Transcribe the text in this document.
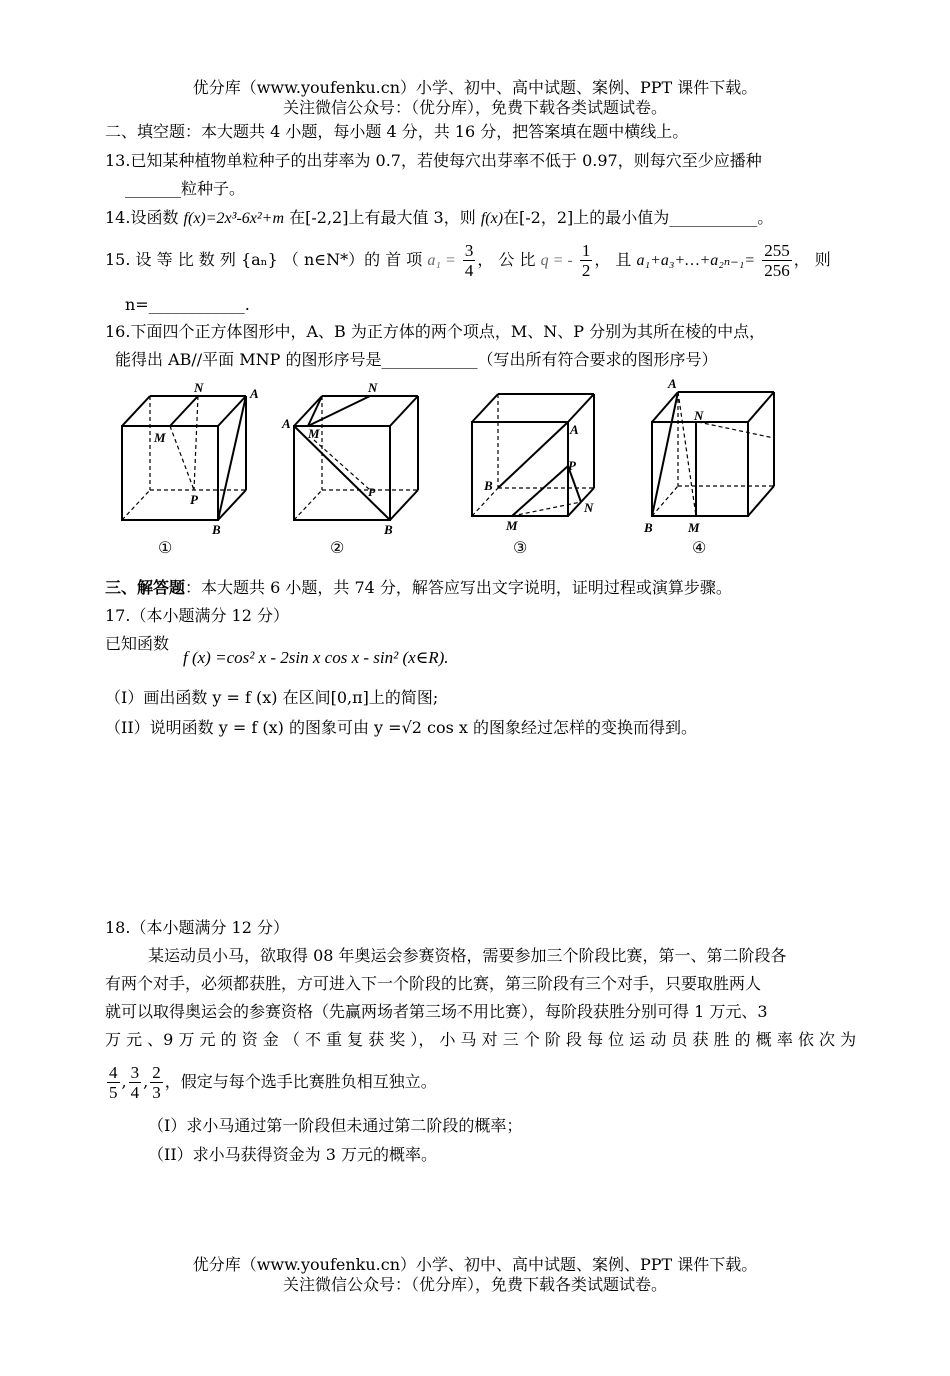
优分库（www.youfenku.cn）小学、初中、高中试题、案例、PPT 课件下载。
关注微信公众号：（优分库），免费下载各类试题试卷。
二、填空题：本大题共 4 小题，每小题 4 分，共 16 分，把答案填在题中横线上。
13.已知某种植物单粒种子的出芽率为 0.7，若使每穴出芽率不低于 0.97，则每穴至少应播种
_______粒种子。
14.设函数 f(x)=2x³-6x²+m 在[-2,2]上有最大值 3，则 f(x)在[-2，2]上的最小值为___________。
15. 设 等 比 数 列 {aₙ} （ n∈N*）的 首 项 $a_1 = \frac{3}{4}$ ， 公 比 q = - $\frac{1}{2}$ ， 且 a₁+a₃+…+a₂ₙ₋₁= $\frac{255}{256}$ ， 则
n=____________.
16.下面四个正方体图形中，A、B 为正方体的两个项点，M、N、P 分别为其所在棱的中点，
能得出 AB//平面 MNP 的图形序号是____________（写出所有符合要求的图形序号）
N	A
M
P
B
①
N
A
M
P
B
②
A
B
P
N
M
③
A
N
B	M
④
三、解答题：本大题共 6 小题，共 74 分，解答应写出文字说明，证明过程或演算步骤。
17.（本小题满分 12 分）
已知函数
f (x) =cos² x - 2sin x cos x - sin² (x∈R).
（I）画出函数 y = f (x) 在区间[0,π]上的简图;
（II）说明函数 y = f (x) 的图象可由 y =√2 cos x 的图象经过怎样的变换而得到。
18.（本小题满分 12 分）
某运动员小马，欲取得 08 年奥运会参赛资格，需要参加三个阶段比赛，第一、第二阶段各
有两个对手，必须都获胜，方可进入下一个阶段的比赛，第三阶段有三个对手，只要取胜两人
就可以取得奥运会的参赛资格（先赢两场者第三场不用比赛），每阶段获胜分别可得 1 万元、3
万 元 、9 万 元 的 资 金 （ 不 重 复 获 奖 ）， 小 马 对 三 个 阶 段 每 位 运 动 员 获 胜 的 概 率 依 次 为
$\frac{4}{5}$ , $\frac{3}{4}$ , $\frac{2}{3}$ ，假定与每个选手比赛胜负相互独立。
（I）求小马通过第一阶段但未通过第二阶段的概率；
（II）求小马获得资金为 3 万元的概率。
优分库（www.youfenku.cn）小学、初中、高中试题、案例、PPT 课件下载。
关注微信公众号：（优分库），免费下载各类试题试卷。
